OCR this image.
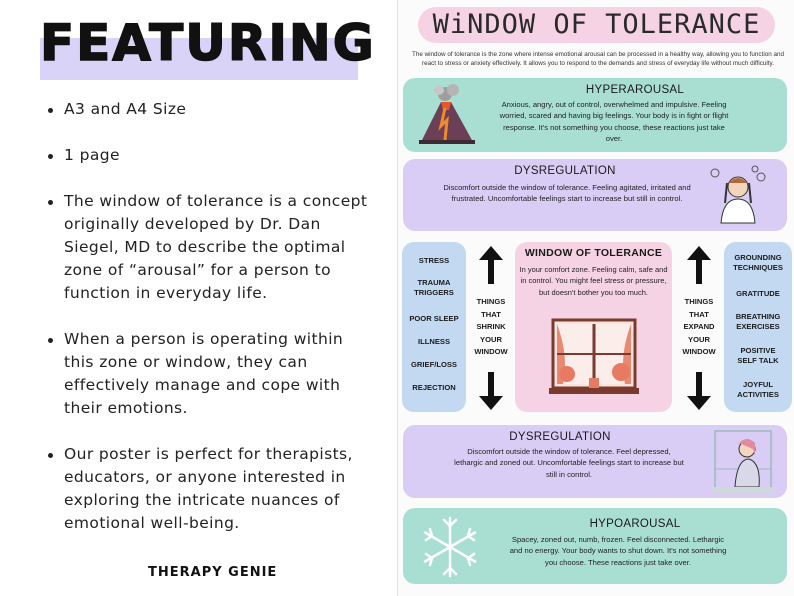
FEATURING
A3 and A4 Size
1 page
The window of tolerance is a concept originally developed by Dr. Dan Siegel, MD to describe the optimal zone of “arousal” for a person to function in everyday life.
When a person is operating within this zone or window, they can effectively manage and cope with their emotions.
Our poster is perfect for therapists, educators, or anyone interested in exploring the intricate nuances of emotional well-being.
THERAPY GENIE
WiNDOW OF TOLERANCE
The window of tolerance is the zone where intense emotional arousal can be processed in a healthy way, allowing you to function and react to stress or anxiety effectively. It allows you to respond to the demands and stress of everyday life without much difficulty.
HYPERAROUSAL

Anxious, angry, out of control, overwhelmed and impulsive. Feeling worried, scared and having big feelings. Your body is in fight or flight response. It's not something you choose, these reactions just take over.

DYSREGULATION

Discomfort outside the window of tolerance. Feeling agitated, irritated and frustrated. Uncomfortable feelings start to increase but still in control.

STRESS
TRAUMA TRIGGERS
POOR SLEEP
ILLNESS
GRIEF/LOSS
REJECTION
THINGS THAT SHRINK YOUR WINDOW
WINDOW OF TOLERANCE

In your comfort zone. Feeling calm, safe and in control. You might feel stress or pressure, but doesn't bother you too much.

THINGS THAT EXPAND YOUR WINDOW
GROUNDING TECHNIQUES
GRATITUDE
BREATHING EXERCISES
POSITIVE SELF TALK
JOYFUL ACTIVITIES
DYSREGULATION

Discomfort outside the window of tolerance. Feel depressed, lethargic and zoned out. Uncomfortable feelings start to increase but still in control.

HYPOAROUSAL

Spacey, zoned out, numb, frozen. Feel disconnected. Lethargic and no energy. Your body wants to shut down. It's not something you choose. These reactions just take over.
